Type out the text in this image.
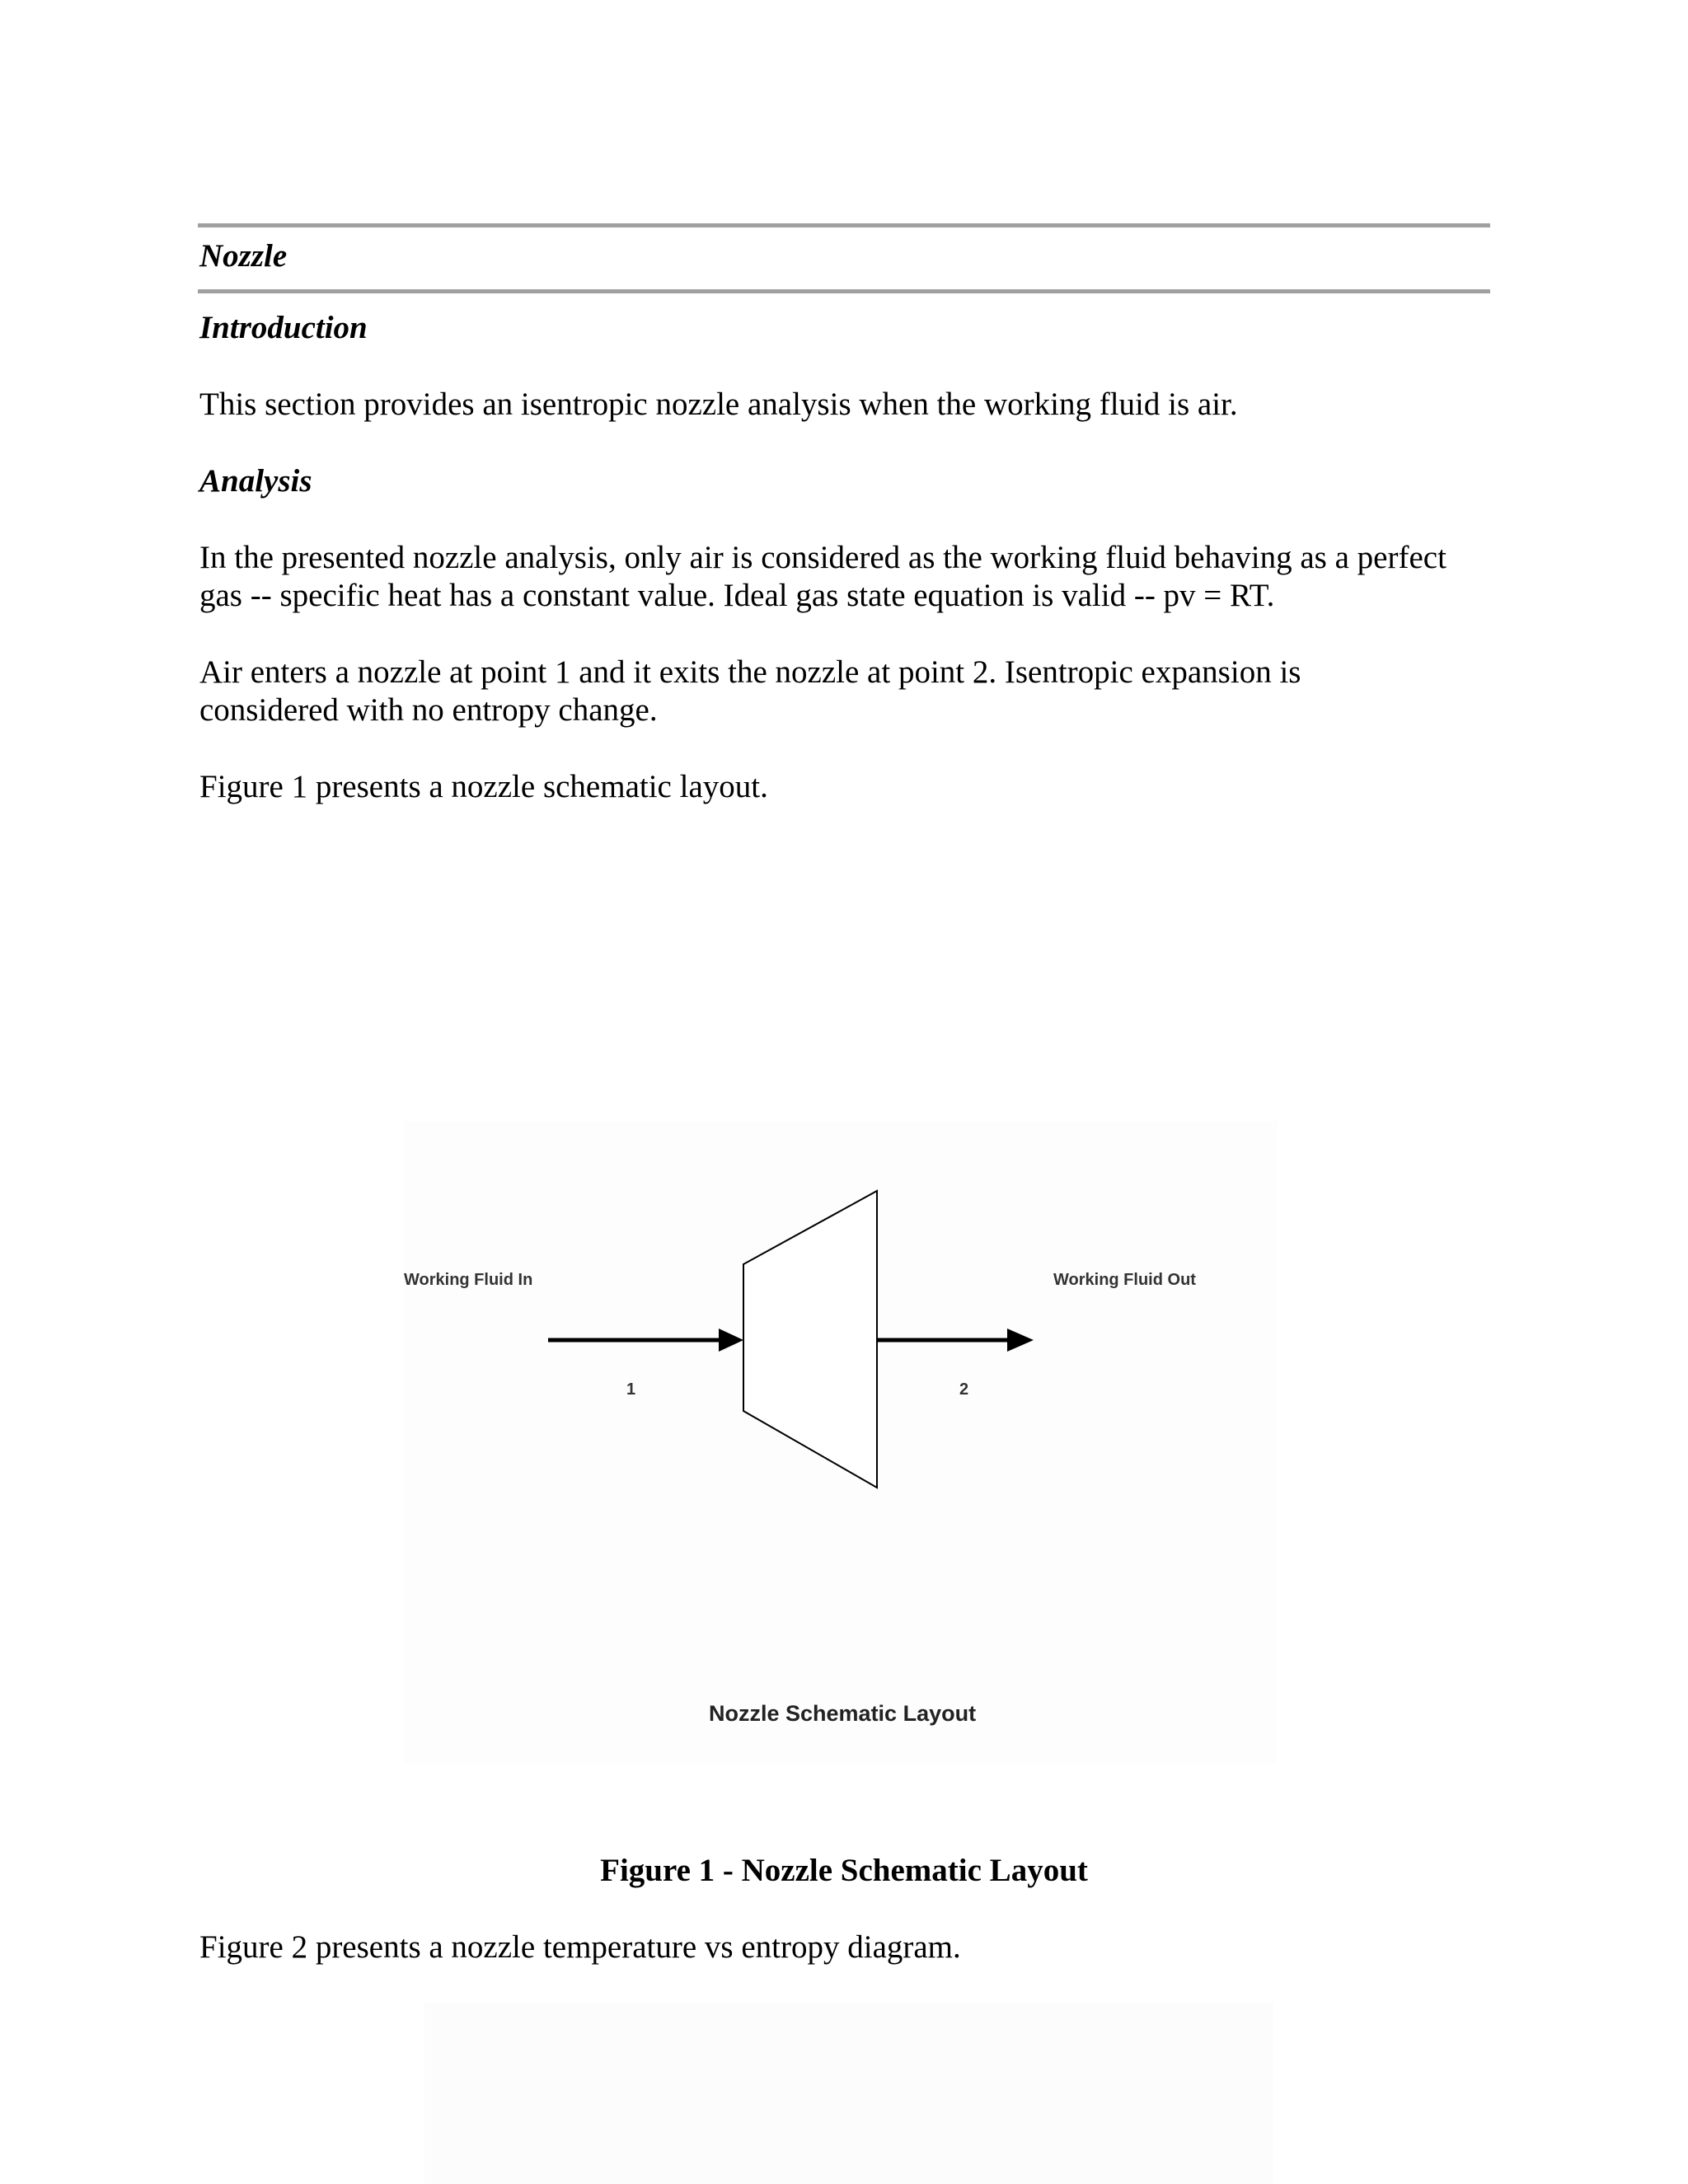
Nozzle
Introduction
This section provides an isentropic nozzle analysis when the working fluid is air.
Analysis
In the presented nozzle analysis, only air is considered as the working fluid behaving as a perfect
gas -- specific heat has a constant value. Ideal gas state equation is valid -- pv = RT.
Air enters a nozzle at point 1 and it exits the nozzle at point 2. Isentropic expansion is
considered with no entropy change.
Figure 1 presents a nozzle schematic layout.
Working Fluid In	Working Fluid Out
1	2
Nozzle Schematic Layout
Figure 1 - Nozzle Schematic Layout
Figure 2 presents a nozzle temperature vs entropy diagram.
